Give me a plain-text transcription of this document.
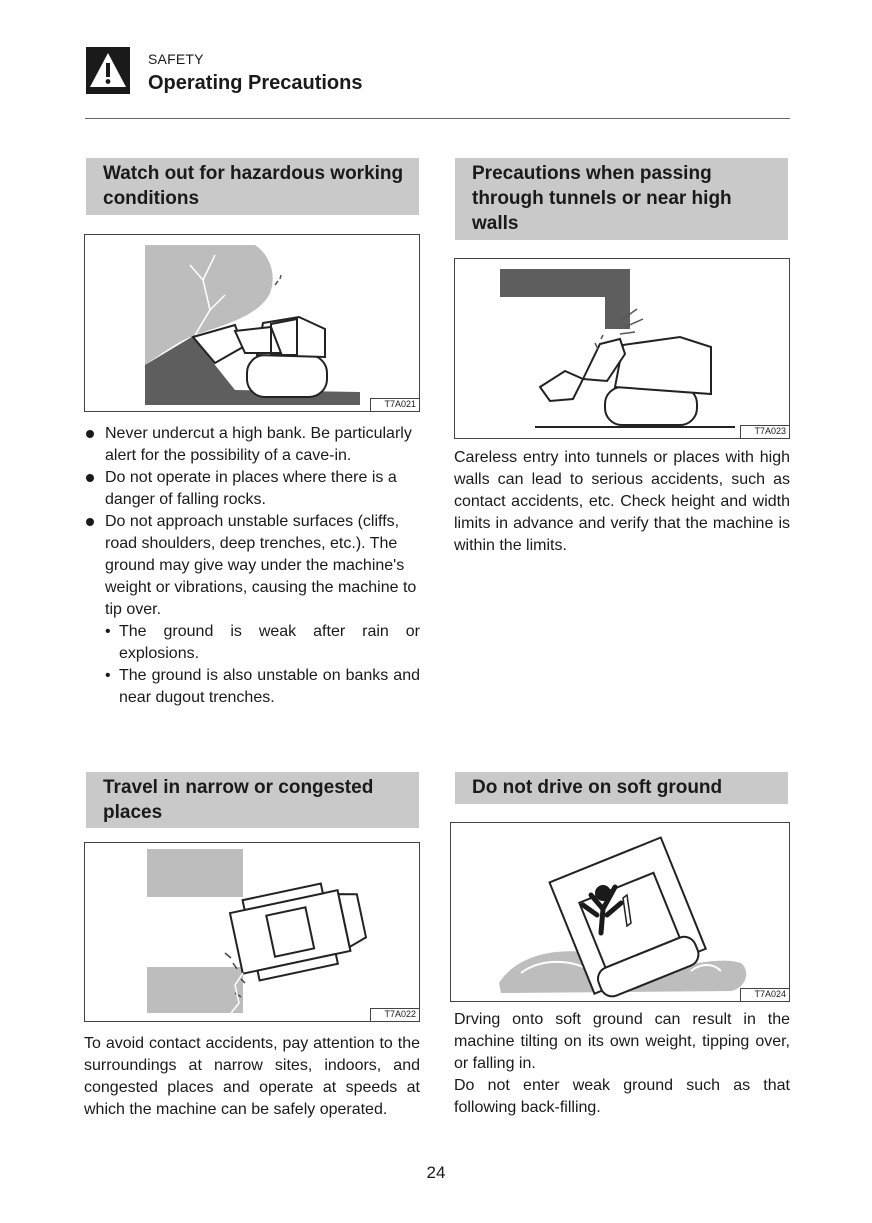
SAFETY
Operating Precautions
Watch out for hazardous working
conditions
T7A021
Never undercut a high bank. Be particularly alert for the possibility of a cave-in.
Do not operate in places where there is a danger of falling rocks.
Do not approach unstable surfaces (cliffs, road shoulders, deep trenches, etc.). The ground may give way under the machine's weight or vibrations, causing the machine to tip over.
• The ground is weak after rain or explosions.
• The ground is also unstable on banks and near dugout trenches.
Precautions when passing
through tunnels or near high
walls
T7A023
Careless entry into tunnels or places with high walls can lead to serious accidents, such as contact accidents, etc. Check height and width limits in advance and verify that the machine is within the limits.
Travel in narrow or congested
places
T7A022
To avoid contact accidents, pay attention to the surroundings at narrow sites, indoors, and congested places and operate at speeds at which the machine can be safely operated.
Do not drive on soft ground
T7A024
Drving onto soft ground can result in the machine tilting on its own weight, tipping over, or falling in.
Do not enter weak ground such as that following back-filling.
24
